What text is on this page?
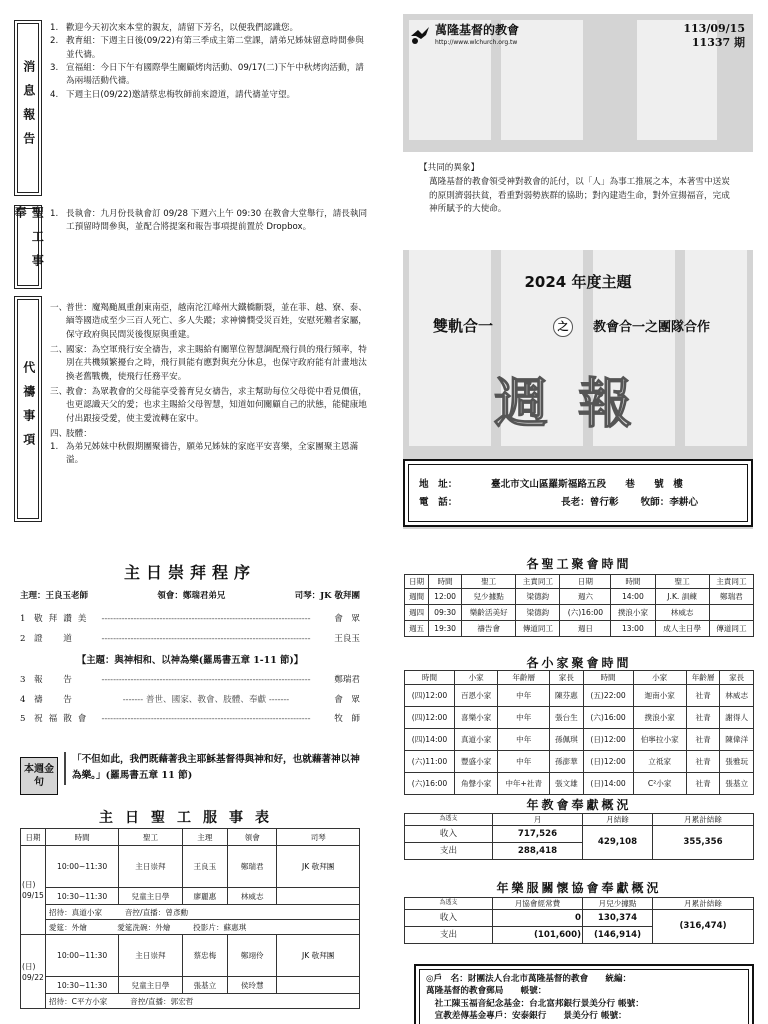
消息報告
1. 歡迎今天初次來本堂的親友，請留下芳名，以便我們認識您。
2. 教育組：下週主日後(09/22)有第三季成主第二堂課，請弟兄姊妹留意時間參與並代禱。
3. 宣福組：今日下午有國際學生關顧烤肉活動、09/17(二)下午中秋烤肉活動，請為兩場活動代禱。
4. 下週主日(09/22)邀請蔡忠梅牧師前來證道，請代禱並守望。
聖工事奉	1. 長執會：九月份長執會訂 09/28 下週六上午 09:30 在教會大堂舉行，請長執同工預留時間參與，並配合將提案和報告事項提前置於 Dropbox。
代禱事項
一、
普世：魔羯颱風重創東南亞，越南沱江峰州大鐵橋斷裂，並在菲、越、寮、泰、緬等國造成至少三百人死亡、多人失蹤；求神憐憫受災百姓，安慰死難者家屬，保守政府與民間災後復原與重建。
二、
國家：為空軍飛行安全禱告，求主賜給有關單位智慧調配飛行員的飛行頻率，特別在共機頻繁擾台之時，飛行員能有應對與充分休息，也保守政府能有計畫地汰換老舊戰機，使飛行任務平安。
三、
教會：為眾教會的父母能享受養育兒女禱告，求主幫助每位父母從中看見價值，也更認識天父的愛；也求主賜給父母智慧，知道如何關顧自己的狀態，能健康地付出跟接受愛，使主愛流轉在家中。
四、
肢體：
1. 為弟兄姊妹中秋假期團聚禱告，願弟兄姊妹的家庭平安喜樂，全家團聚主恩滿溢。
萬隆基督的教會
http://www.wlchurch.org.tw
113/09/15
11337 期
【共同的異象】
萬隆基督的教會領受神對教會的託付，以「人」為事工推展之本，本著雪中送炭的原則濟弱扶貧，看重對弱勢族群的協助；對內建造生命，對外宣揚福音，完成神所賦予的大使命。
2024 年度主題
雙軌合一	之	教會合一之團隊合作
週報
地　址：	臺北市文山區羅斯福路五段　　巷　　號　樓
電　話：	長老：曾行彰 牧師：李耕心
主日崇拜程序
主理：王良玉老師	領會：鄭瑞君弟兄	司琴：JK 敬拜團
1 敬拜讚美	------------------------------------------------------------------------	會　眾
2 證　道	------------------------------------------------------------------------	王良玉
3 報　告	------------------------------------------------------------------------	鄭瑞君
4 禱　告	------- 普世、國家、教會、肢體、奉獻 -------	會　眾
5 祝福散會	------------------------------------------------------------------------	牧　師
【主題：與神相和、以神為樂(羅馬書五章 1-11 節)】
本週金句
「不但如此，我們既藉著我主耶穌基督得與神和好，也就藉著神以神為樂。」(羅馬書五章 11 節)
主日聖工服事表
日期	時間	聖工	主理	領會	司琴
(日)
09/15	10:00~11:30	主日崇拜	王良玉	鄭瑞君	JK 敬拜團
	10:30~11:30	兒童主日學	廖麗惠	林威志	
	招待：真道小家　　　音控/直播：曾彥勳				
	愛筵：外燴　　　　愛筵洗碗：外燴　　　投影片：蘇惠琪				
(日)
09/22	10:00~11:30	主日崇拜	蔡忠梅	鄭翊伶	JK 敬拜團
	10:30~11:30	兒童主日學	張基立	侯玲慧	
	招待：C平方小家　　　音控/直播：郭宏哲				
各聖工聚會時間
日期	時間	聖工	主責同工	日期	時間	聖工	主責同工
週間	12:00	兒少據點	梁德鈞	週六	14:00	J.K. 訓練	鄭瑞君
週四	09:30	樂齡活美好	梁德鈞	(六)16:00	撲浪小家	林威志	
週五	19:30	禱告會	傳道同工	週日	13:00	成人主日學	傳道同工
各小家聚會時間
時間	小家	年齡層	家長	時間	小家	年齡層	家長
(四)12:00	百恩小家	中年	陳芬惠	(五)22:00	迦南小家	社青	林威志
(四)12:00	喜樂小家	中年	張台生	(六)16:00	撲浪小家	社青	謝得人
(四)14:00	真道小家	中年	孫佩琪	(日)12:00	伯寧拉小家	社青	陳偉洋
(六)11:00	豐盛小家	中年	孫澎華	(日)12:00	立祗家	社青	張雅玩
(六)16:00	角聲小家	中年+社青	張文雄	(日)14:00	C²小家	社青	張基立
年教會奉獻概況
為透支	月	月結餘	月累計結餘
收入	717,526	429,108	355,356
支出	288,418		
年樂服關懷協會奉獻概況
為透支	月協會經常費	月兒少據點	月累計結餘
收入	0	130,374	(316,474)
支出	(101,600)	(146,914)	
◎戶　名：財團法人台北市萬隆基督的教會　　統編：
萬隆基督的教會郵局　　帳號：
　社工陳玉福音紀念基金：台北富邦銀行景美分行 帳號：
　宣教差傳基金專戶：安泰銀行　　景美分行 帳號：
